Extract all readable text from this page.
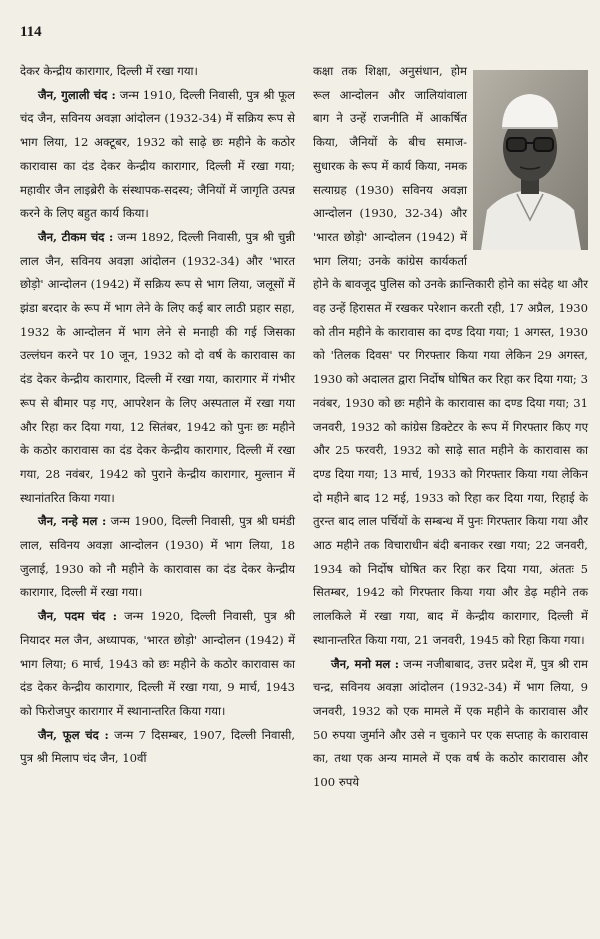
114

देकर केन्द्रीय कारागार, दिल्ली में रखा गया।

जैन, गुलाली चंद : जन्म 1910, दिल्ली निवासी, पुत्र श्री फूल चंद जैन, सविनय अवज्ञा आंदोलन (1932-34) में सक्रिय रूप से भाग लिया, 12 अक्टूबर, 1932 को साढ़े छः महीने के कठोर कारावास का दंड देकर केन्द्रीय कारागार, दिल्ली में रखा गया; महावीर जैन लाइब्रेरी के संस्थापक-सदस्य; जैनियों में जागृति उत्पन्न करने के लिए बहुत कार्य किया।

जैन, टीकम चंद : जन्म 1892, दिल्ली निवासी, पुत्र श्री चुन्नी लाल जैन, सविनय अवज्ञा आंदोलन (1932-34) और 'भारत छोड़ो' आन्दोलन (1942) में सक्रिय रूप से भाग लिया, जलूसों में झंडा बरदार के रूप में भाग लेने के लिए कई बार लाठी प्रहार सहा, 1932 के आन्दोलन में भाग लेने से मनाही की गई जिसका उल्लंघन करने पर 10 जून, 1932 को दो वर्ष के कारावास का दंड देकर केन्द्रीय कारागार, दिल्ली में रखा गया, कारागार में गंभीर रूप से बीमार पड़ गए, आपरेशन के लिए अस्पताल में रखा गया और रिहा कर दिया गया, 12 सितंबर, 1942 को पुनः छः महीने के कठोर कारावास का दंड देकर केन्द्रीय कारागार, दिल्ली में रखा गया, 28 नवंबर, 1942 को पुराने केन्द्रीय कारागार, मुल्तान में स्थानांतरित किया गया।

जैन, नन्हे मल : जन्म 1900, दिल्ली निवासी, पुत्र श्री घमंडी लाल, सविनय अवज्ञा आन्दोलन (1930) में भाग लिया, 18 जुलाई, 1930 को नौ महीने के कारावास का दंड देकर केन्द्रीय कारागार, दिल्ली में रखा गया।

जैन, पदम चंद : जन्म 1920, दिल्ली निवासी, पुत्र श्री नियादर मल जैन, अध्यापक, 'भारत छोड़ो' आन्दोलन (1942) में भाग लिया; 6 मार्च, 1943 को छः महीने के कठोर कारावास का दंड देकर केन्द्रीय कारागार, दिल्ली में रखा गया, 9 मार्च, 1943 को फिरोजपुर कारागार में स्थानान्तरित किया गया।

जैन, फूल चंद : जन्म 7 दिसम्बर, 1907, दिल्ली निवासी, पुत्र श्री मिलाप चंद जैन, 10वीं

कक्षा तक शिक्षा, अनुसंधान, होम रूल आन्दोलन और जालियांवाला बाग ने उन्हें राजनीति में आकर्षित किया, जैनियों के बीच समाज-सुधारक के रूप में कार्य किया, नमक सत्याग्रह (1930) सविनय अवज्ञा आन्दोलन (1930, 32-34) और 'भारत छोड़ो' आन्दोलन (1942) में भाग लिया; उनके कांग्रेस कार्यकर्ता होने के बावजूद पुलिस को उनके क्रान्तिकारी होने का संदेह था और वह उन्हें हिरासत में रखकर परेशान करती रही, 17 अप्रैल, 1930 को तीन महीने के कारावास का दण्ड दिया गया; 1 अगस्त, 1930 को 'तिलक दिवस' पर गिरफ्तार किया गया लेकिन 29 अगस्त, 1930 को अदालत द्वारा निर्दोष घोषित कर रिहा कर दिया गया; 3 नवंबर, 1930 को छः महीने के कारावास का दण्ड दिया गया; 31 जनवरी, 1932 को कांग्रेस डिक्टेटर के रूप में गिरफ्तार किए गए और 25 फरवरी, 1932 को साढ़े सात महीने के कारावास का दण्ड दिया गया; 13 मार्च, 1933 को गिरफ्तार किया गया लेकिन दो महीने बाद 12 मई, 1933 को रिहा कर दिया गया, रिहाई के तुरन्त बाद लाल पर्चियों के सम्बन्ध में पुनः गिरफ्तार किया गया और आठ महीने तक विचाराधीन बंदी बनाकर रखा गया; 22 जनवरी, 1934 को निर्दोष घोषित कर रिहा कर दिया गया, अंततः 5 सितम्बर, 1942 को गिरफ्तार किया गया और डेढ़ महीने तक लालकिले में रखा गया, बाद में केन्द्रीय कारागार, दिल्ली में स्थानान्तरित किया गया, 21 जनवरी, 1945 को रिहा किया गया।

जैन, मनो मल : जन्म नजीबाबाद, उत्तर प्रदेश में, पुत्र श्री राम चन्द्र, सविनय अवज्ञा आंदोलन (1932-34) में भाग लिया, 9 जनवरी, 1932 को एक मामले में एक महीने के कारावास और 50 रुपया जुर्माने और उसे न चुकाने पर एक सप्ताह के कारावास का, तथा एक अन्य मामले में एक वर्ष के कठोर कारावास और 100 रुपये
